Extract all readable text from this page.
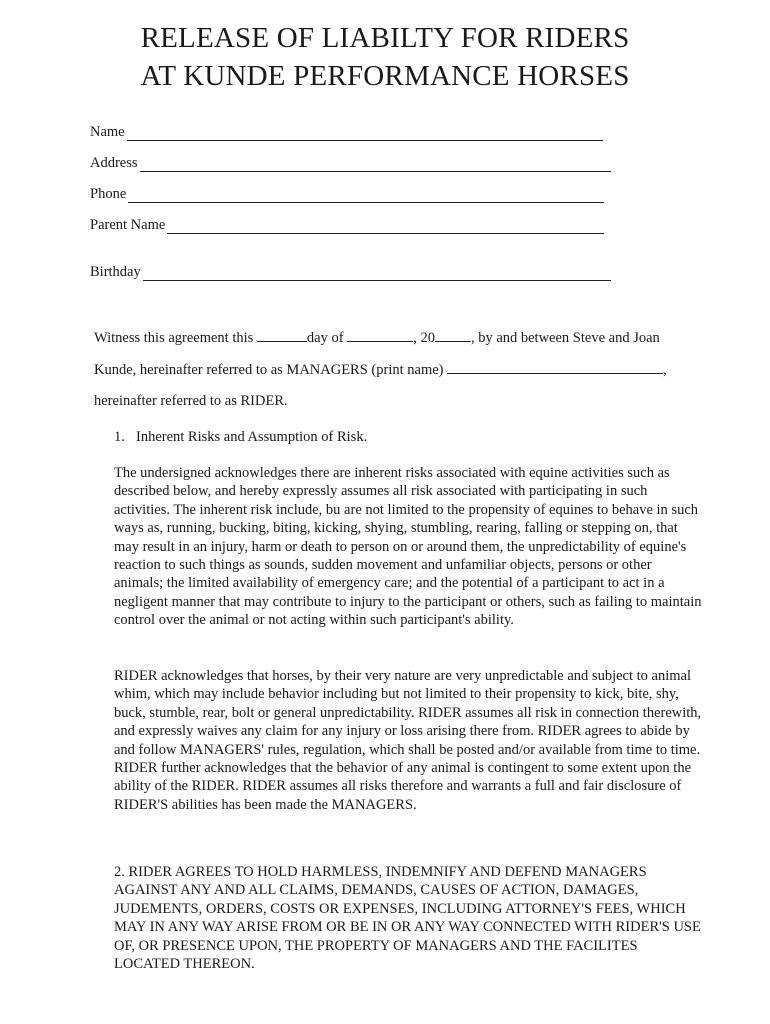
RELEASE OF LIABILTY FOR RIDERS
AT KUNDE PERFORMANCE HORSES
Name
Address
Phone
Parent Name
Birthday
Witness this agreement this	day of	, 20 , by and between Steve and Joan
Kunde, hereinafter referred to as MANAGERS (print name)	,
hereinafter referred to as RIDER.
1. Inherent Risks and Assumption of Risk.
The undersigned acknowledges there are inherent risks associated with equine activities such as described below, and hereby expressly assumes all risk associated with participating in such activities. The inherent risk include, bu are not limited to the propensity of equines to behave in such ways as, running, bucking, biting, kicking, shying, stumbling, rearing, falling or stepping on, that may result in an injury, harm or death to person on or around them, the unpredictability of equine's reaction to such things as sounds, sudden movement and unfamiliar objects, persons or other animals; the limited availability of emergency care; and the potential of a participant to act in a negligent manner that may contribute to injury to the participant or others, such as failing to maintain control over the animal or not acting within such participant's ability.
RIDER acknowledges that horses, by their very nature are very unpredictable and subject to animal whim, which may include behavior including but not limited to their propensity to kick, bite, shy, buck, stumble, rear, bolt or general unpredictability. RIDER assumes all risk in connection therewith, and expressly waives any claim for any injury or loss arising there from. RIDER agrees to abide by and follow MANAGERS' rules, regulation, which shall be posted and/or available from time to time. RIDER further acknowledges that the behavior of any animal is contingent to some extent upon the ability of the RIDER. RIDER assumes all risks therefore and warrants a full and fair disclosure of RIDER'S abilities has been made the MANAGERS.
2. RIDER AGREES TO HOLD HARMLESS, INDEMNIFY AND DEFEND MANAGERS AGAINST ANY AND ALL CLAIMS, DEMANDS, CAUSES OF ACTION, DAMAGES, JUDEMENTS, ORDERS, COSTS OR EXPENSES, INCLUDING ATTORNEY'S FEES, WHICH MAY IN ANY WAY ARISE FROM OR BE IN OR ANY WAY CONNECTED WITH RIDER'S USE OF, OR PRESENCE UPON, THE PROPERTY OF MANAGERS AND THE FACILITES LOCATED THEREON.
